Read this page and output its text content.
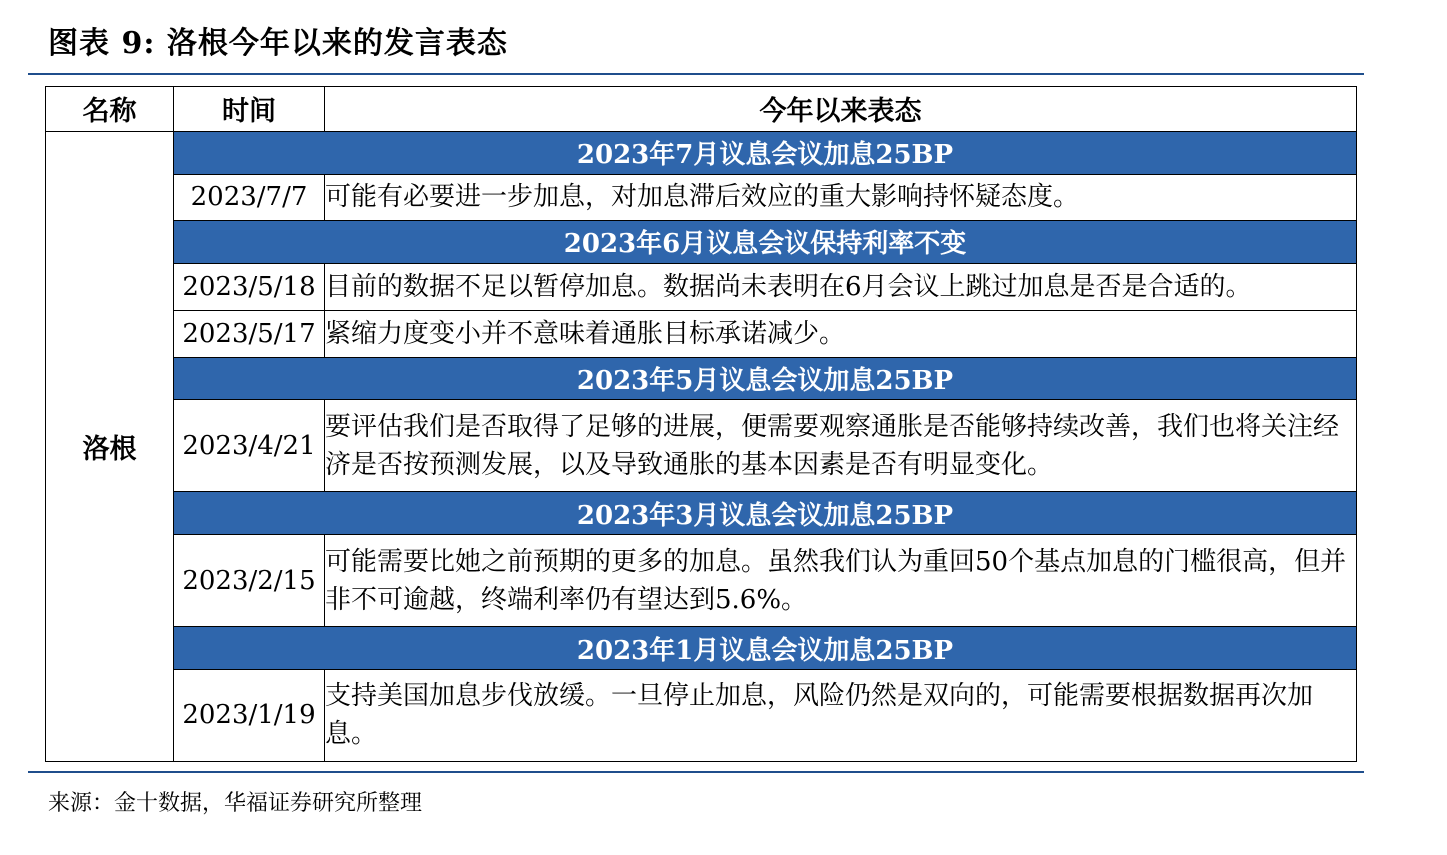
图表 9: 洛根今年以来的发言表态
名称	时间	今年以来表态
洛根	2023年7月议息会议加息25BP	
	2023/7/7	可能有必要进一步加息，对加息滞后效应的重大影响持怀疑态度。
	2023年6月议息会议保持利率不变	
	2023/5/18	目前的数据不足以暂停加息。数据尚未表明在6月会议上跳过加息是否是合适的。
	2023/5/17	紧缩力度变小并不意味着通胀目标承诺减少。
	2023年5月议息会议加息25BP	
	2023/4/21	要评估我们是否取得了足够的进展，便需要观察通胀是否能够持续改善，我们也将关注经济是否按预测发展，以及导致通胀的基本因素是否有明显变化。
	2023年3月议息会议加息25BP	
	2023/2/15	可能需要比她之前预期的更多的加息。虽然我们认为重回50个基点加息的门槛很高，但并非不可逾越，终端利率仍有望达到5.6%。
	2023年1月议息会议加息25BP	
	2023/1/19	支持美国加息步伐放缓。一旦停止加息，风险仍然是双向的，可能需要根据数据再次加息。
来源：金十数据，华福证券研究所整理
